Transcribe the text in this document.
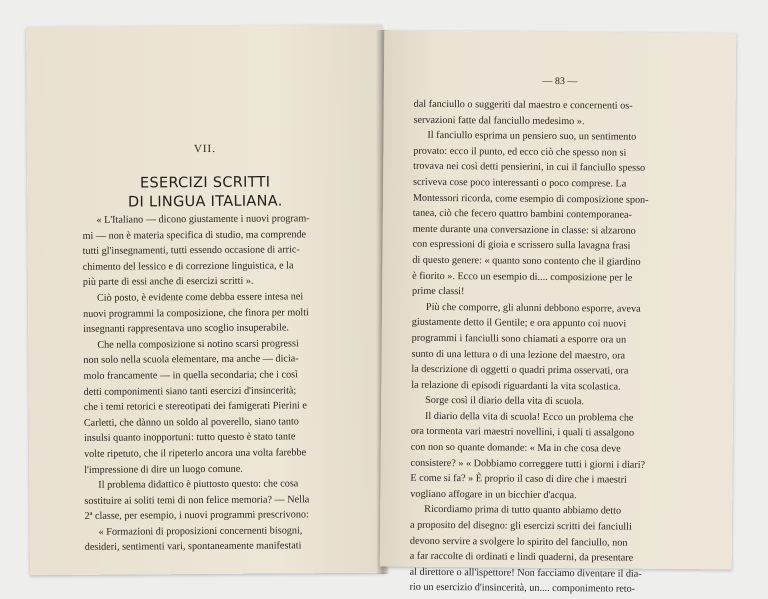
VII.
ESERCIZI SCRITTI
DI LINGUA ITALIANA.
« L'Italiano — dicono giustamente i nuovi program-
mi — non è materia specifica di studio, ma comprende
tutti gl'insegnamenti, tutti essendo occasione di arric-
chimento del lessico e di correzione linguistica, e la
più parte di essi anche di esercizi scritti ».
Ciò posto, è evidente come debba essere intesa nei
nuovi programmi la composizione, che finora per molti
insegnanti rappresentava uno scoglio insuperabile.
Che nella composizione si notino scarsi progressi
non solo nella scuola elementare, ma anche — dicia-
molo francamente — in quella secondaria; che i così
detti componimenti siano tanti esercizi d'insincerità;
che i temi retorici e stereotipati dei famigerati Pierini e
Carletti, che dànno un soldo al poverello, siano tanto
insulsi quanto inopportuni: tutto questo è stato tante
volte ripetuto, che il ripeterlo ancora una volta farebbe
l'impressione di dire un luogo comune.
Il problema didattico è piuttosto questo: che cosa
sostituire ai soliti temi di non felice memoria? — Nella
2ª classe, per esempio, i nuovi programmi prescrivono:
« Formazioni di proposizioni concernenti bisogni,
desideri, sentimenti vari, spontaneamente manifestati
— 83 —
dal fanciullo o suggeriti dal maestro e concernenti os-
servazioni fatte dal fanciullo medesimo ».
Il fanciullo esprima un pensiero suo, un sentimento
provato: ecco il punto, ed ecco ciò che spesso non si
trovava nei così detti pensierini, in cui il fanciullo spesso
scriveva cose poco interessanti o poco comprese. La
Montessori ricorda, come esempio di composizione spon-
tanea, ciò che fecero quattro bambini contemporanea-
mente durante una conversazione in classe: si alzarono
con espressioni di gioia e scrissero sulla lavagna frasi
di questo genere: « quanto sono contento che il giardino
è fiorito ». Ecco un esempio di.... composizione per le
prime classi!
Più che comporre, gli alunni debbono esporre, aveva
giustamente detto il Gentile; e ora appunto coi nuovi
programmi i fanciulli sono chiamati a esporre ora un
sunto di una lettura o di una lezione del maestro, ora
la descrizione di oggetti o quadri prima osservati, ora
la relazione di episodi riguardanti la vita scolastica.
Sorge così il diario della vita di scuola.
Il diario della vita di scuola! Ecco un problema che
ora tormenta vari maestri novellini, i quali ti assalgono
con non so quante domande: « Ma in che cosa deve
consistere? » « Dobbiamo correggere tutti i giorni i diari?
E come si fa? » È proprio il caso di dire che i maestri
vogliano affogare in un bicchier d'acqua.
Ricordiamo prima di tutto quanto abbiamo detto
a proposito del disegno: gli esercizi scritti dei fanciulli
devono servire a svolgere lo spirito del fanciullo, non
a far raccolte di ordinati e lindi quaderni, da presentare
al direttore o all'ispettore! Non facciamo diventare il dia-
rio un esercizio d'insincerità, un.... componimento reto-
